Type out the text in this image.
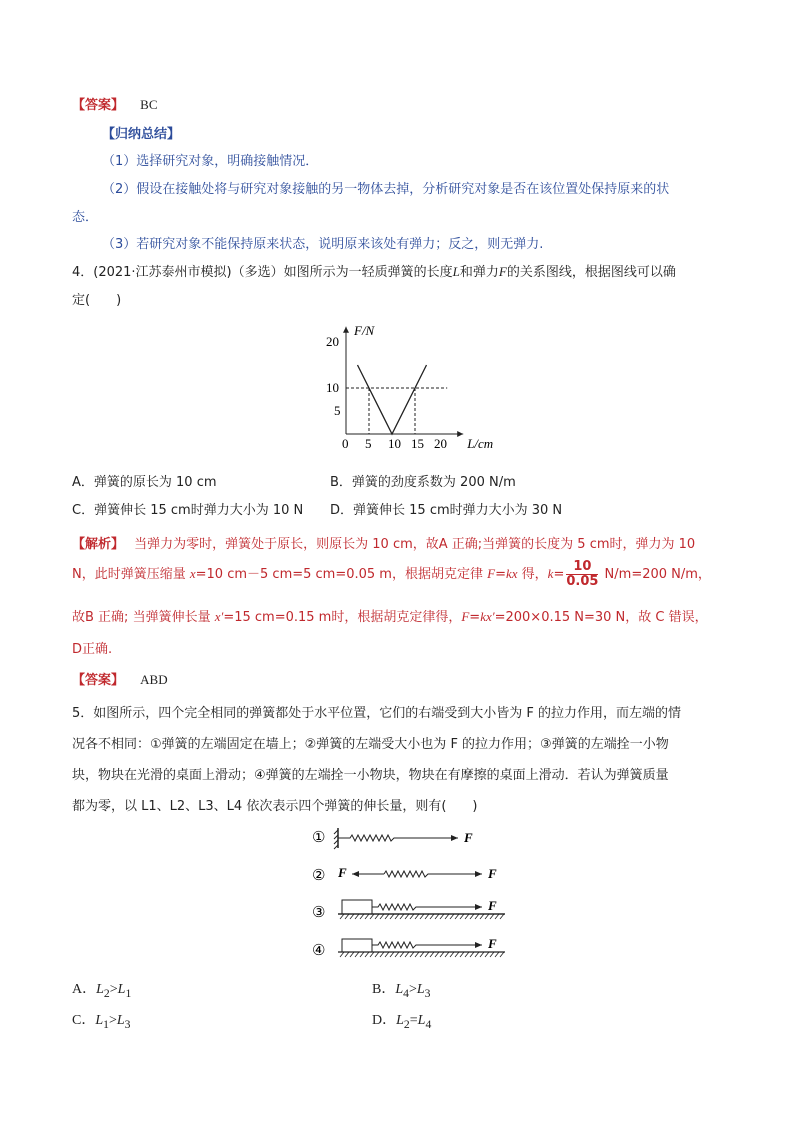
【答案】 BC
【归纳总结】
（1）选择研究对象，明确接触情况．
（2）假设在接触处将与研究对象接触的另一物体去掉，分析研究对象是否在该位置处保持原来的状
态．
（3）若研究对象不能保持原来状态，说明原来该处有弹力；反之，则无弹力.
4．(2021·江苏泰州市模拟)（多选）如图所示为一轻质弹簧的长度L和弹力F的关系图线，根据图线可以确
定(　　)
F/N
L/cm
0 5 10 15 20
5
10
20
A．弹簧的原长为 10 cm	B．弹簧的劲度系数为 200 N/m
C．弹簧伸长 15 cm时弹力大小为 10 N D．弹簧伸长 15 cm时弹力大小为 30 N
【解析】 当弹力为零时，弹簧处于原长，则原长为 10 cm，故A 正确;当弹簧的长度为 5 cm时，弹力为 10
N，此时弹簧压缩量 x=10 cm－5 cm=5 cm=0.05 m，根据胡克定律 F=kx 得，$k= \frac{10}{0.05} N/m=200$ N/m，
故B 正确; 当弹簧伸长量 x′=15 cm=0.15 m时，根据胡克定律得，F=kx′=200×0.15 N=30 N，故 C 错误，
D正确.
【答案】 ABD
5．如图所示，四个完全相同的弹簧都处于水平位置，它们的右端受到大小皆为 F 的拉力作用，而左端的情
况各不相同：①弹簧的左端固定在墙上；②弹簧的左端受大小也为 F 的拉力作用；③弹簧的左端拴一小物
块，物块在光滑的桌面上滑动；④弹簧的左端拴一小物块，物块在有摩擦的桌面上滑动．若认为弹簧质量
都为零，以 L1、L2、L3、L4 依次表示四个弹簧的伸长量，则有(　　)
①	F
② F	F
③	F
④	F
A．$L_2>L_1$	B．$L_4>L_3$
C．$L_1>L_3$	D．$L_2=L_4$
